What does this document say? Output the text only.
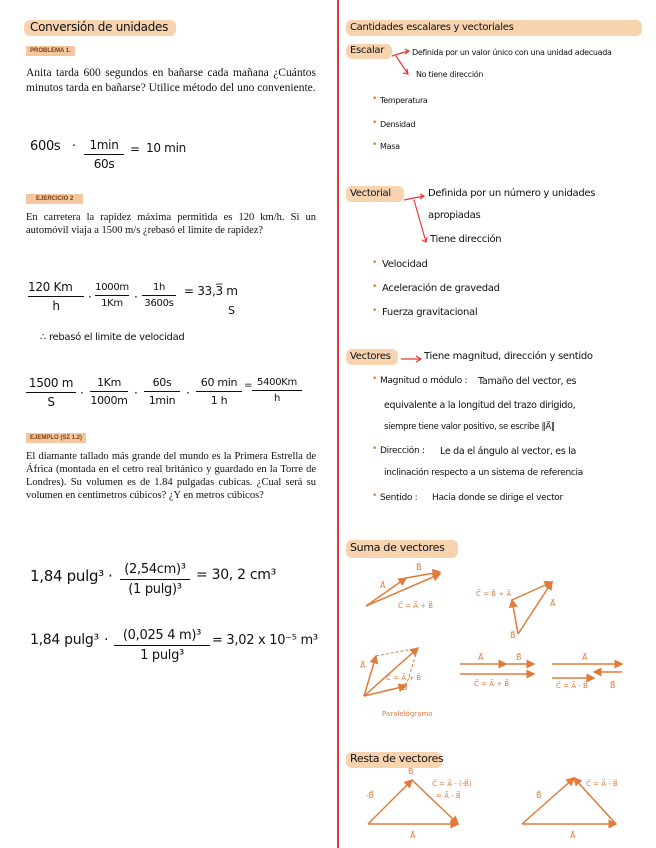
Conversión de unidades
PROBLEMA 1.
Anita tarda 600 segundos en bañarse cada mañana ¿Cuántos minutos tarda en bañarse? Utilice método del uno conveniente.
600s ·	1min
60s
= 10 min
EJERCICIO 2
En carretera la rapidez máxima permitida es 120 km/h. Si un automóvil viaja a 1500 m/s ¿rebasó el limite de rapidez?
120 Km
h
·
1000m
1Km ·
1h
3600s
= 33,3̅ m
S
∴ rebasó el limite de velocidad
1500 m
S
·
1Km
1000m
·
60s
1min
·
60 min
1 h
= 5400Km
h
EJEMPLO (SZ 1.2)
El diamante tallado más grande del mundo es la Primera Estrella de África (montada en el cetro real británico y guardado en la Torre de Londres). Su volumen es de 1.84 pulgadas cubicas. ¿Cual será su volumen en centimetros cúbicos? ¿Y en metros cúbicos?
1,84 pulg³ · (2,54cm)³
(1 pulg)³
= 30, 2 cm³
1,84 pulg³ ·	(0,025 4 m)³
1 pulg³
= 3,02 x 10⁻⁵ m³
Cantidades escalares y vectoriales
Escalar	Definida por un valor único con una unidad adecuada
No tiene dirección
• Temperatura
• Densidad
• Masa
Vectorial	Definida por un número y unidades
apropiadas
Tiene dirección
• Velocidad
• Aceleración de gravedad
• Fuerza gravitacional
Vectores	Tiene magnitud, dirección y sentido
• Magnitud o módulo : Tamaño del vector, es
equivalente a la longitud del trazo dirigido,
siempre tiene valor positivo, se escribe ‖A⃗‖
• Dirección : Le da el ángulo al vector, es la
inclinación respecto a un sistema de referencia
• Sentido : Hacia donde se dirige el vector
Suma de vectores
A⃗
B⃗
C⃗ = A⃗ + B⃗
C⃗ = B⃗ + A⃗
A⃗
B⃗
A⃗
B⃗
C⃗ = A⃗ + B⃗
A⃗	B⃗
C⃗ = A⃗ + B⃗
A⃗
C⃗ = A⃗ - B⃗	B⃗
Paralelógramo
Resta de vectores
-B⃗
B⃗
C⃗ = A⃗ - (-B⃗)
= A⃗ - B⃗
A⃗
B⃗
C⃗ = A⃗ - B⃗
A⃗
